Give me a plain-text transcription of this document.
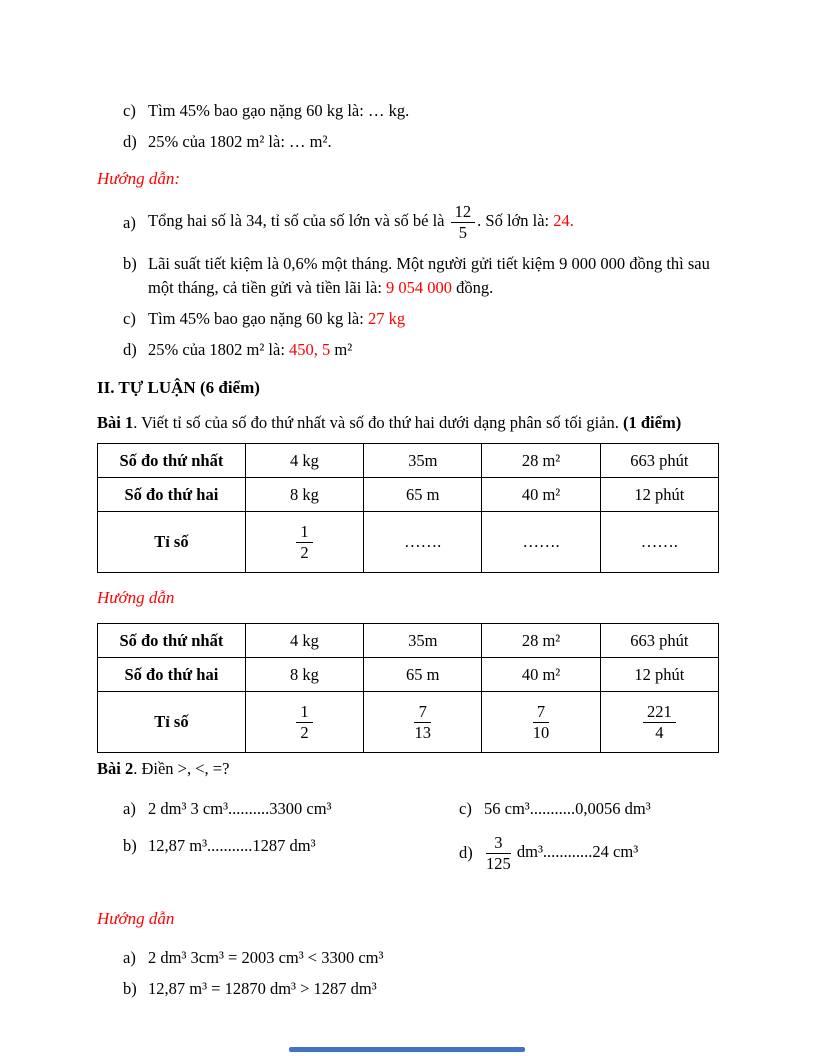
c) Tìm 45% bao gạo nặng 60 kg là: … kg.
d) 25% của 1802 m² là: … m².
Hướng dẫn:
a) Tổng hai số là 34, tỉ số của số lớn và số bé là $\frac{12}{5}$ . Số lớn là: 24.
b) Lãi suất tiết kiệm là 0,6% một tháng. Một người gửi tiết kiệm 9 000 000 đồng thì sau một tháng, cả tiền gửi và tiền lãi là: 9 054 000 đồng.
c) Tìm 45% bao gạo nặng 60 kg là: 27 kg
d) 25% của 1802 m² là: 450, 5 m²
II. TỰ LUẬN (6 điểm)
Bài 1. Viết tỉ số của số đo thứ nhất và số đo thứ hai dưới dạng phân số tối giản. (1 điểm)
Số đo thứ nhất	4 kg	35m	28 m²	663 phút
Số đo thứ hai	8 kg	65 m	40 m²	12 phút
Tỉ số	$\frac{1}{2}$	…….	…….	…….
Hướng dẫn
Số đo thứ nhất	4 kg	35m	28 m²	663 phút
Số đo thứ hai	8 kg	65 m	40 m²	12 phút
Tỉ số	$\frac{1}{2}$	$\frac{7}{13}$	$\frac{7}{10}$	$\frac{221}{4}$
Bài 2. Điền >, <, =?
a) 2 dm³ 3 cm³..........3300 cm³
b) 12,87 m³...........1287 dm³
c) 56 cm³...........0,0056 dm³
$d) \frac{3}{125} dm^3............24$ cm³
Hướng dẫn
a) 2 dm³ 3cm³ = 2003 cm³ < 3300 cm³
b) 12,87 m³ = 12870 dm³ > 1287 dm³
